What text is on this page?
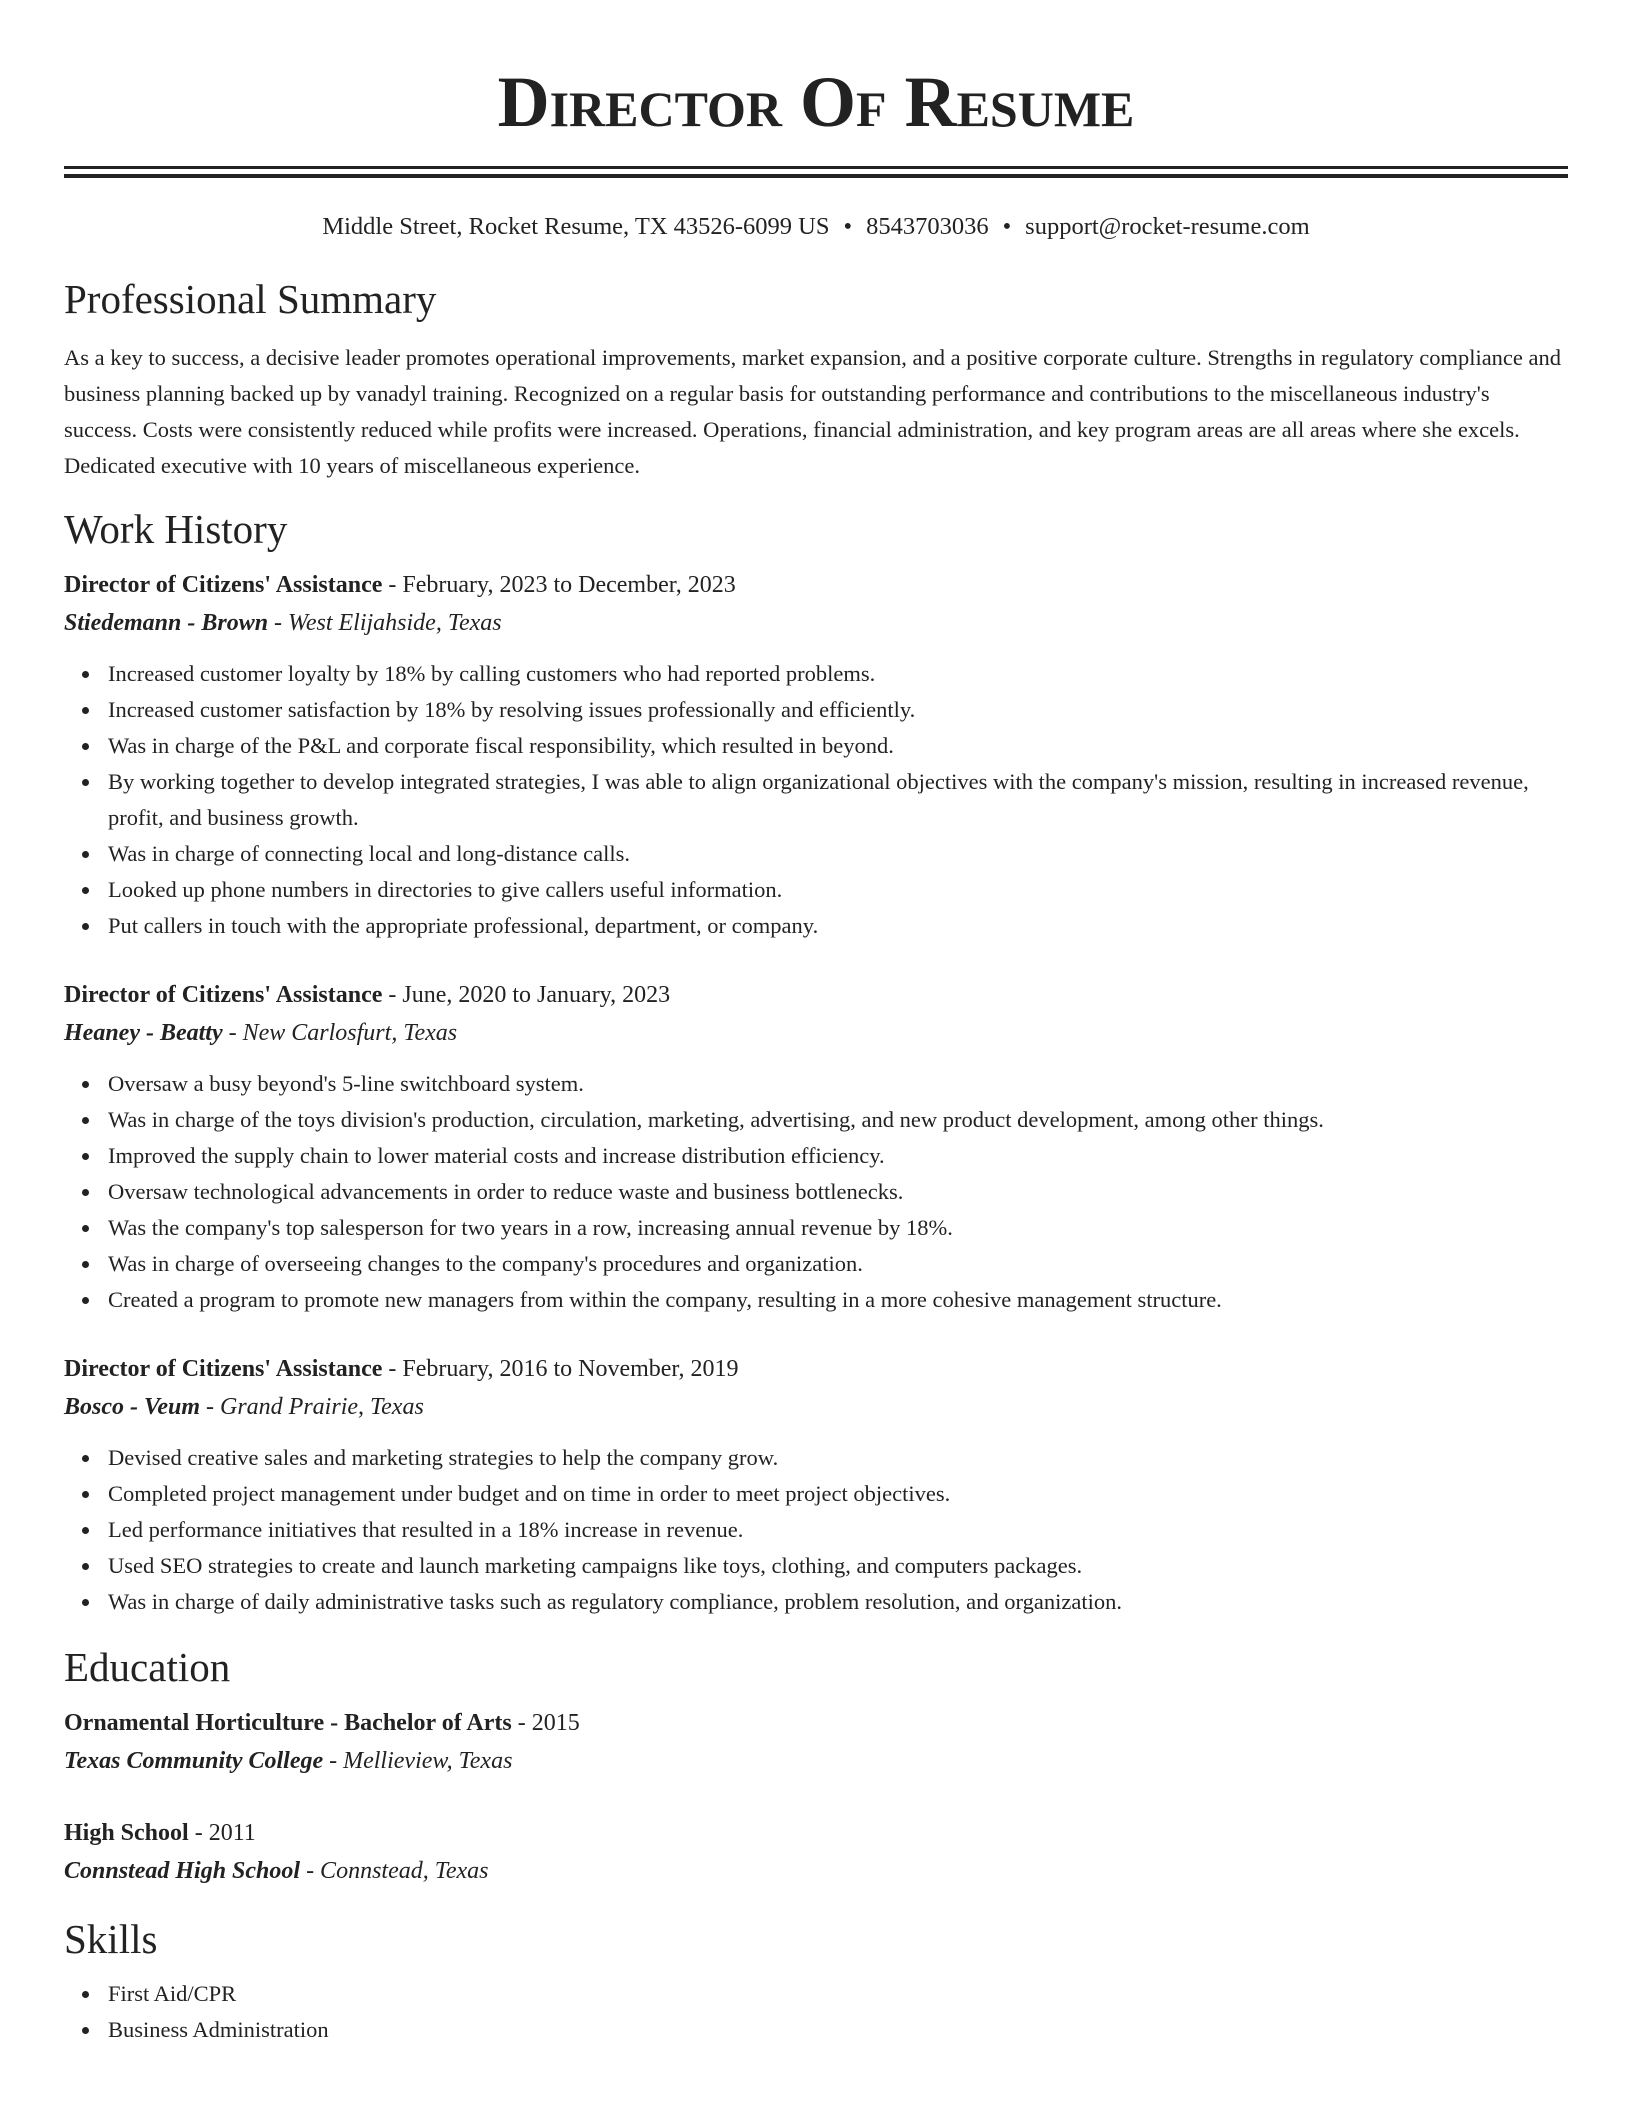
Director Of Resume
Middle Street, Rocket Resume, TX 43526-6099 US • 8543703036 • support@rocket-resume.com
Professional Summary

As a key to success, a decisive leader promotes operational improvements, market expansion, and a positive corporate culture. Strengths in regulatory compliance and business planning backed up by vanadyl training. Recognized on a regular basis for outstanding performance and contributions to the miscellaneous industry's success. Costs were consistently reduced while profits were increased. Operations, financial administration, and key program areas are all areas where she excels. Dedicated executive with 10 years of miscellaneous experience.

Work History

Director of Citizens' Assistance - February, 2023 to December, 2023

Stiedemann - Brown - West Elijahside, Texas

Increased customer loyalty by 18% by calling customers who had reported problems.
Increased customer satisfaction by 18% by resolving issues professionally and efficiently.
Was in charge of the P&L and corporate fiscal responsibility, which resulted in beyond.
By working together to develop integrated strategies, I was able to align organizational objectives with the company's mission, resulting in increased revenue, profit, and business growth.
Was in charge of connecting local and long-distance calls.
Looked up phone numbers in directories to give callers useful information.
Put callers in touch with the appropriate professional, department, or company.

Director of Citizens' Assistance - June, 2020 to January, 2023

Heaney - Beatty - New Carlosfurt, Texas

Oversaw a busy beyond's 5-line switchboard system.
Was in charge of the toys division's production, circulation, marketing, advertising, and new product development, among other things.
Improved the supply chain to lower material costs and increase distribution efficiency.
Oversaw technological advancements in order to reduce waste and business bottlenecks.
Was the company's top salesperson for two years in a row, increasing annual revenue by 18%.
Was in charge of overseeing changes to the company's procedures and organization.
Created a program to promote new managers from within the company, resulting in a more cohesive management structure.

Director of Citizens' Assistance - February, 2016 to November, 2019

Bosco - Veum - Grand Prairie, Texas

Devised creative sales and marketing strategies to help the company grow.
Completed project management under budget and on time in order to meet project objectives.
Led performance initiatives that resulted in a 18% increase in revenue.
Used SEO strategies to create and launch marketing campaigns like toys, clothing, and computers packages.
Was in charge of daily administrative tasks such as regulatory compliance, problem resolution, and organization.
Education

Ornamental Horticulture - Bachelor of Arts - 2015

Texas Community College - Mellieview, Texas

High School - 2011

Connstead High School - Connstead, Texas

Skills
First Aid/CPR
Business Administration
